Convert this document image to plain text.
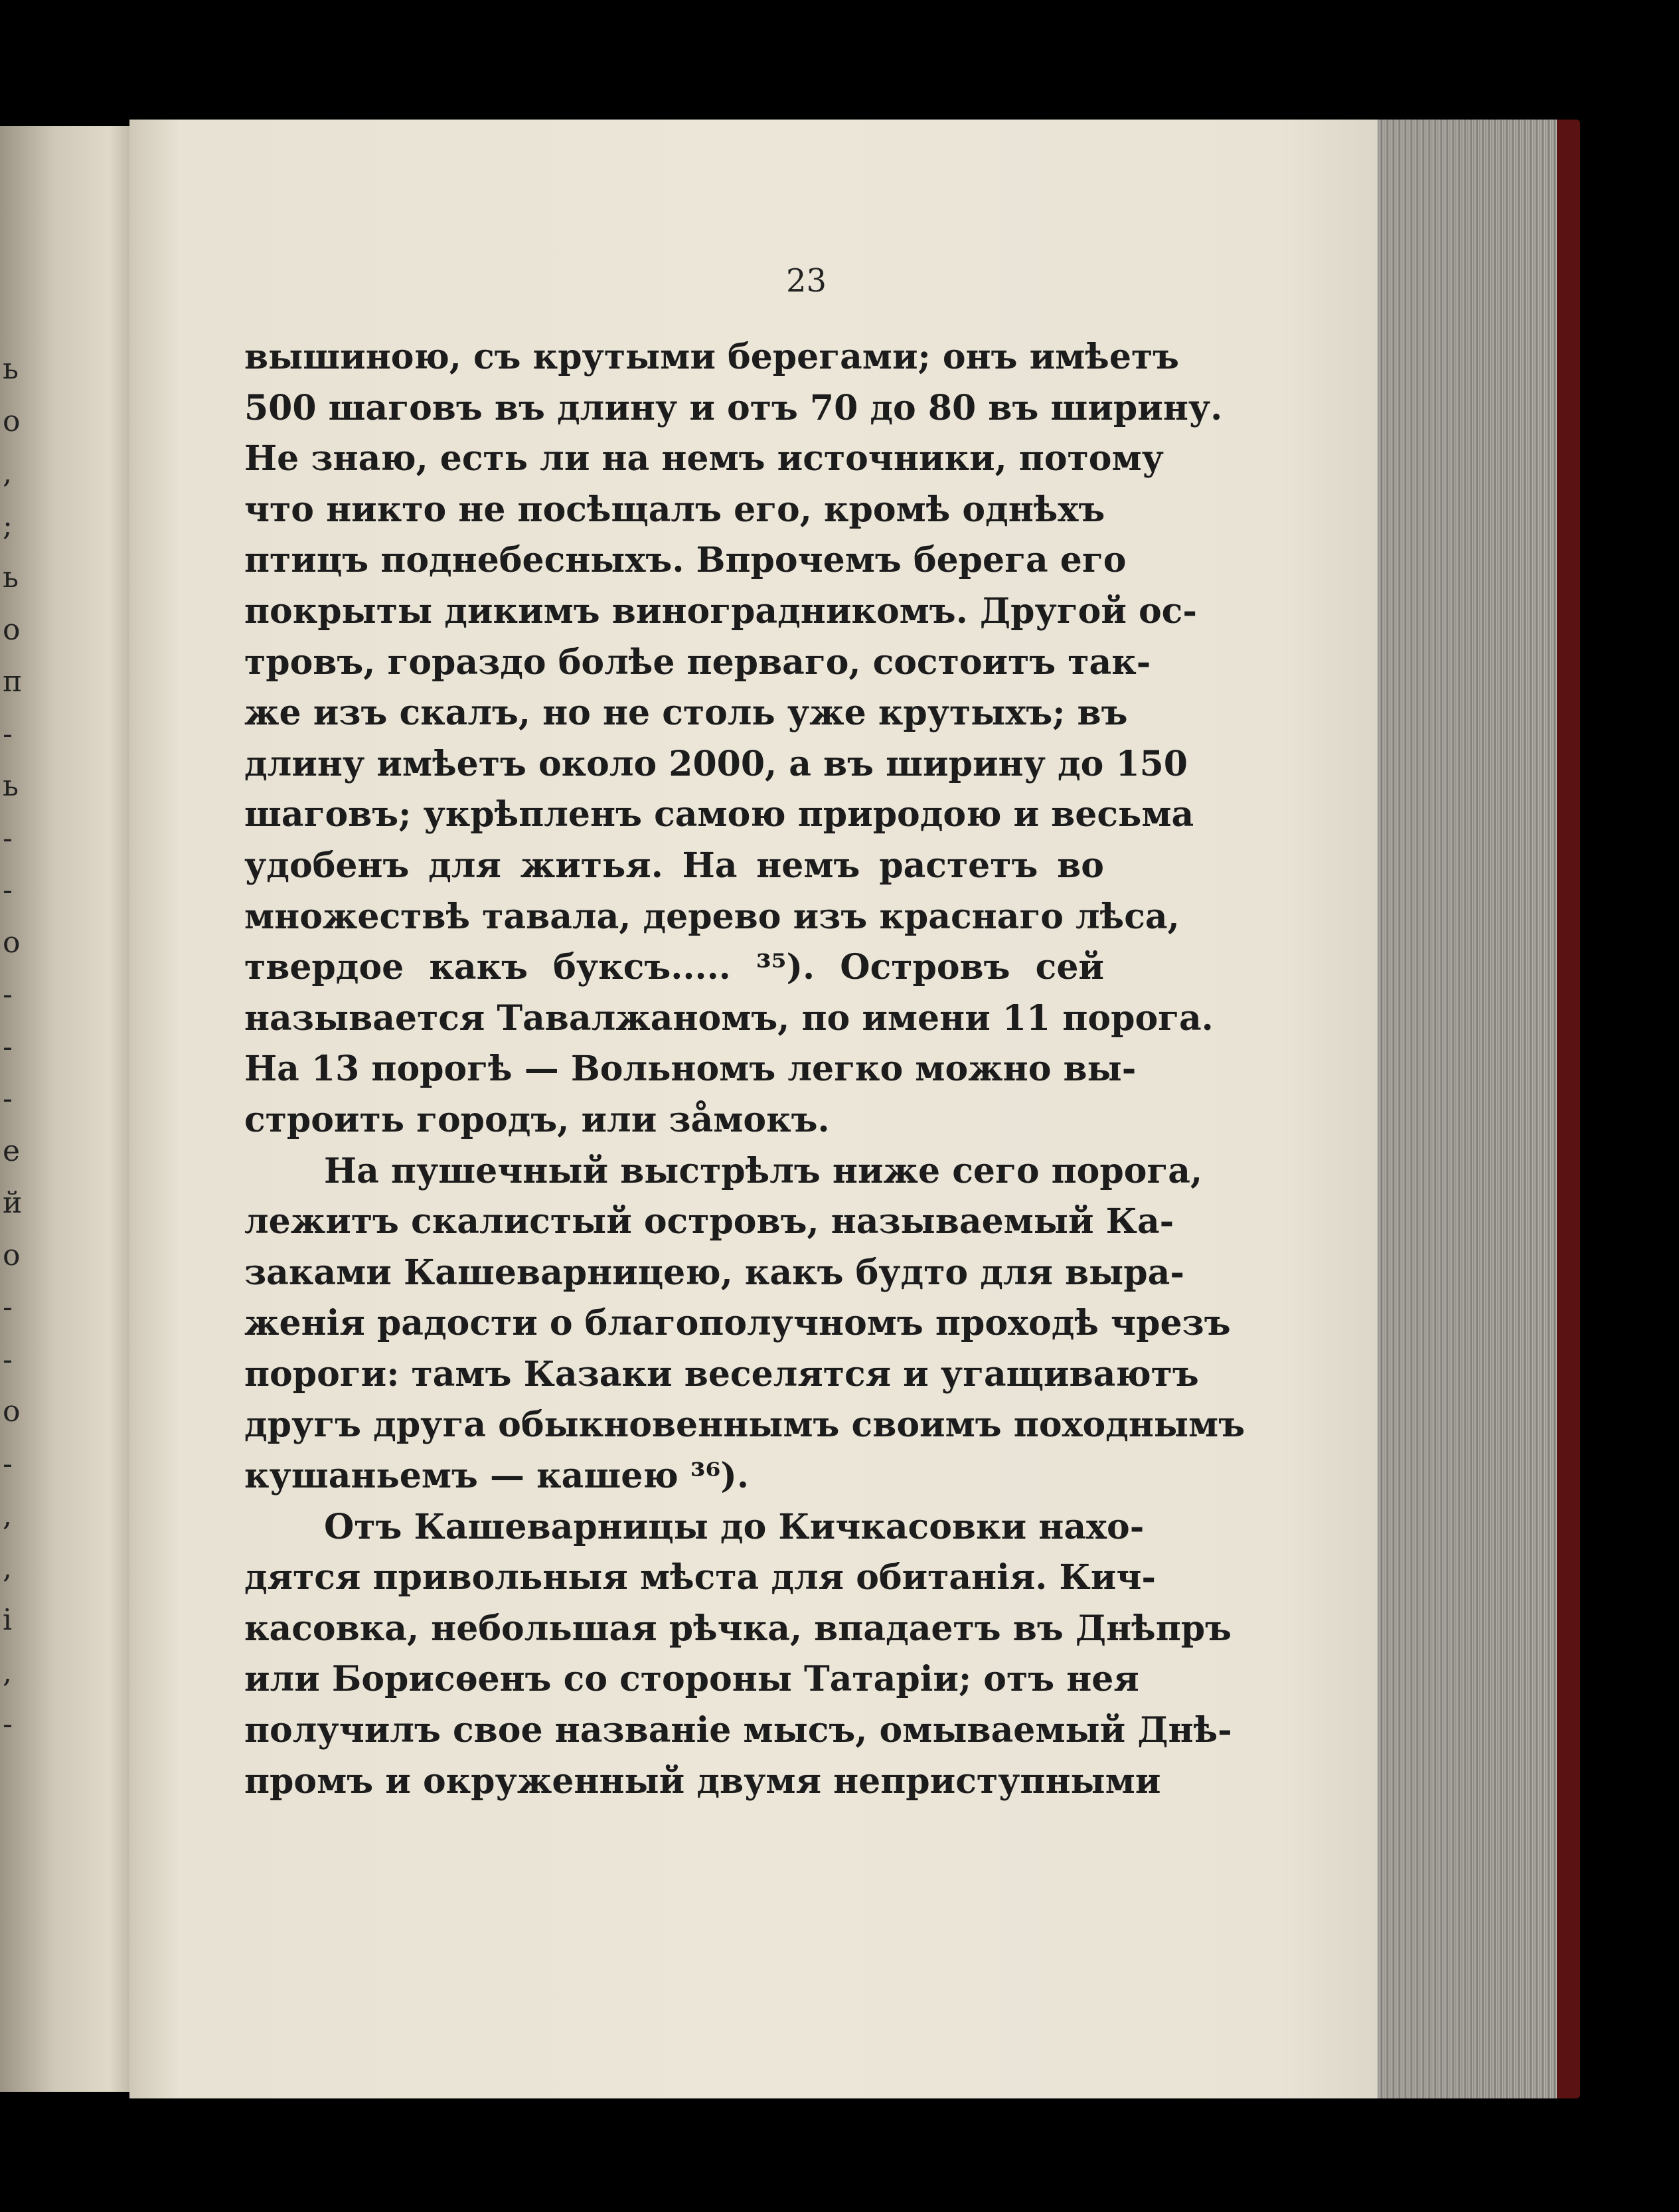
ь
о
,
;
ь
о
п
-
ь
-
-
о
-
-
-
е
й
о
-
-
о
-
,
,
і
,
-
23
вышиною, съ крутыми берегами; онъ имѣетъ
500 шаговъ въ длину и отъ 70 до 80 въ ширину.
Не знаю, есть ли на немъ источники, потому
что никто не посѣщалъ его, кромѣ однѣхъ
птицъ поднебесныхъ. Впрочемъ берега его
покрыты дикимъ виноградникомъ. Другой ос-
тровъ, гораздо болѣе перваго, состоитъ так-
же изъ скалъ, но не столь уже крутыхъ; въ
длину имѣетъ около 2000, а въ ширину до 150
шаговъ; укрѣпленъ самою природою и весьма
удобенъ для житья. На немъ растетъ во
множествѣ тавала, дерево изъ краснаго лѣса,
твердое какъ буксъ..... ³⁵). Островъ сей
называется Тавалжаномъ, по имени 11 порога.
На 13 порогѣ — Вольномъ легко можно вы-
строить городъ, или зåмокъ.
На пушечный выстрѣлъ ниже сего порога,
лежитъ скалистый островъ, называемый Ка-
заками Кашеварницею, какъ будто для выра-
женія радости о благополучномъ проходѣ чрезъ
пороги: тамъ Казаки веселятся и угащиваютъ
другъ друга обыкновеннымъ своимъ походнымъ
кушаньемъ — кашею ³⁶).
Отъ Кашеварницы до Кичкасовки нахо-
дятся привольныя мѣста для обитанія. Кич-
касовка, небольшая рѣчка, впадаетъ въ Днѣпръ
или Борисѳенъ со стороны Татаріи; отъ нея
получилъ свое названіе мысъ, омываемый Днѣ-
промъ и окруженный двумя неприступными
